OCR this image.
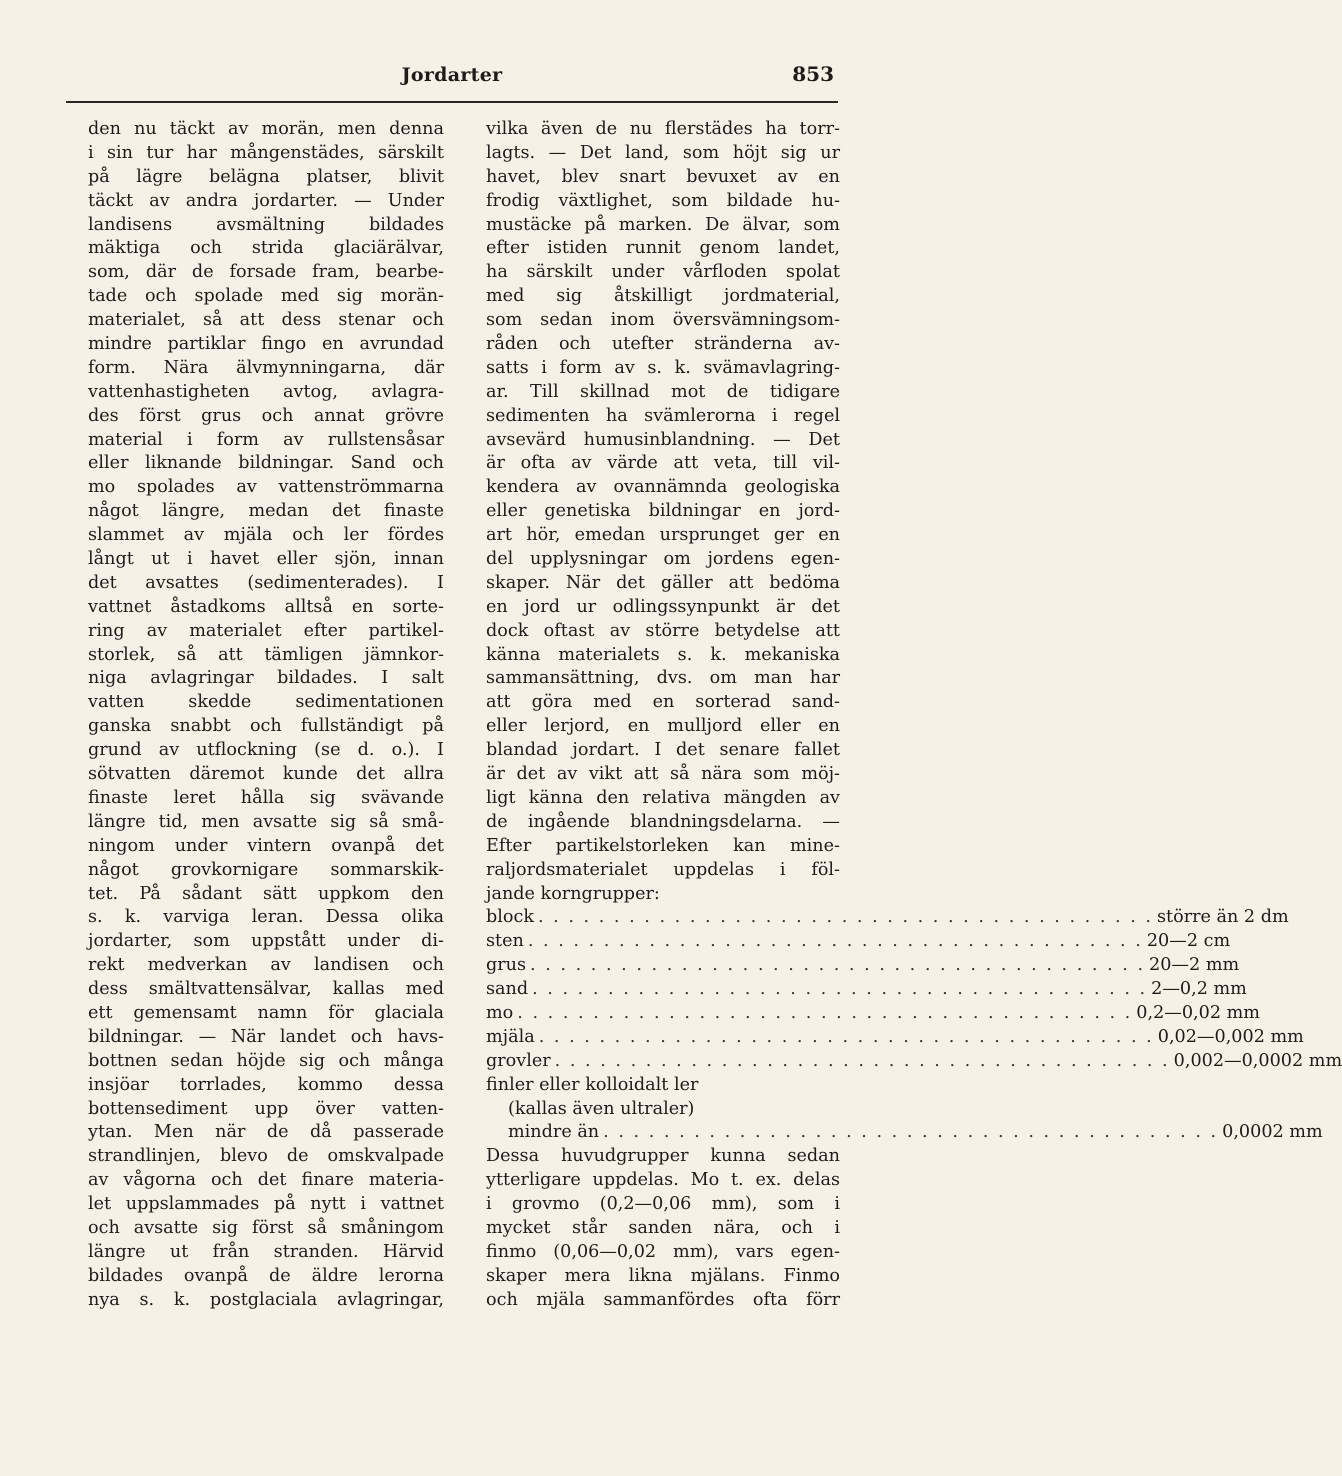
Jordarter	853
den nu täckt av morän, men denna
i sin tur har mångenstädes, särskilt
på lägre belägna platser, blivit
täckt av andra jordarter. — Under
landisens avsmältning bildades
mäktiga och strida glaciärälvar,
som, där de forsade fram, bearbe-
tade och spolade med sig morän-
materialet, så att dess stenar och
mindre partiklar fingo en avrundad
form. Nära älvmynningarna, där
vattenhastigheten avtog, avlagra-
des först grus och annat grövre
material i form av rullstensåsar
eller liknande bildningar. Sand och
mo spolades av vattenströmmarna
något längre, medan det finaste
slammet av mjäla och ler fördes
långt ut i havet eller sjön, innan
det avsattes (sedimenterades). I
vattnet åstadkoms alltså en sorte-
ring av materialet efter partikel-
storlek, så att tämligen jämnkor-
niga avlagringar bildades. I salt
vatten skedde sedimentationen
ganska snabbt och fullständigt på
grund av utflockning (se d. o.). I
sötvatten däremot kunde det allra
finaste leret hålla sig svävande
längre tid, men avsatte sig så små-
ningom under vintern ovanpå det
något grovkornigare sommarskik-
tet. På sådant sätt uppkom den
s. k. varviga leran. Dessa olika
jordarter, som uppstått under di-
rekt medverkan av landisen och
dess smältvattensälvar, kallas med
ett gemensamt namn för glaciala
bildningar. — När landet och havs-
bottnen sedan höjde sig och många
insjöar torrlades, kommo dessa
bottensediment upp över vatten-
ytan. Men när de då passerade
strandlinjen, blevo de omskvalpade
av vågorna och det finare materia-
let uppslammades på nytt i vattnet
och avsatte sig först så småningom
längre ut från stranden. Härvid
bildades ovanpå de äldre lerorna
nya s. k. postglaciala avlagringar,
vilka även de nu flerstädes ha torr-
lagts. — Det land, som höjt sig ur
havet, blev snart bevuxet av en
frodig växtlighet, som bildade hu-
mustäcke på marken. De älvar, som
efter istiden runnit genom landet,
ha särskilt under vårfloden spolat
med sig åtskilligt jordmaterial,
som sedan inom översvämningsom-
råden och utefter stränderna av-
satts i form av s. k. svämavlagring-
ar. Till skillnad mot de tidigare
sedimenten ha svämlerorna i regel
avsevärd humusinblandning. — Det
är ofta av värde att veta, till vil-
kendera av ovannämnda geologiska
eller genetiska bildningar en jord-
art hör, emedan ursprunget ger en
del upplysningar om jordens egen-
skaper. När det gäller att bedöma
en jord ur odlingssynpunkt är det
dock oftast av större betydelse att
känna materialets s. k. mekaniska
sammansättning, dvs. om man har
att göra med en sorterad sand-
eller lerjord, en mulljord eller en
blandad jordart. I det senare fallet
är det av vikt att så nära som möj-
ligt känna den relativa mängden av
de ingående blandningsdelarna. —
Efter partikelstorleken kan mine-
raljordsmaterialet uppdelas i föl-
jande korngrupper:
block . . . . . . . . . . . . . . . . . . . . . . . . . . . . . . . . . . . . . . . . . större än 2 dm
sten . . . . . . . . . . . . . . . . . . . . . . . . . . . . . . . . . . . . . . . . . 20—2 cm
grus . . . . . . . . . . . . . . . . . . . . . . . . . . . . . . . . . . . . . . . . . 20—2 mm
sand . . . . . . . . . . . . . . . . . . . . . . . . . . . . . . . . . . . . . . . . . 2—0,2 mm
mo . . . . . . . . . . . . . . . . . . . . . . . . . . . . . . . . . . . . . . . . . 0,2—0,02 mm
mjäla . . . . . . . . . . . . . . . . . . . . . . . . . . . . . . . . . . . . . . . . . 0,02—0,002 mm
grovler . . . . . . . . . . . . . . . . . . . . . . . . . . . . . . . . . . . . . . . . . 0,002—0,0002 mm
finler eller kolloidalt ler
(kallas även ultraler)
mindre än . . . . . . . . . . . . . . . . . . . . . . . . . . . . . . . . . . . . . . . . . 0,0002 mm
Dessa huvudgrupper kunna sedan
ytterligare uppdelas. Mo t. ex. delas
i grovmo (0,2—0,06 mm), som i
mycket står sanden nära, och i
finmo (0,06—0,02 mm), vars egen-
skaper mera likna mjälans. Finmo
och mjäla sammanfördes ofta förr
